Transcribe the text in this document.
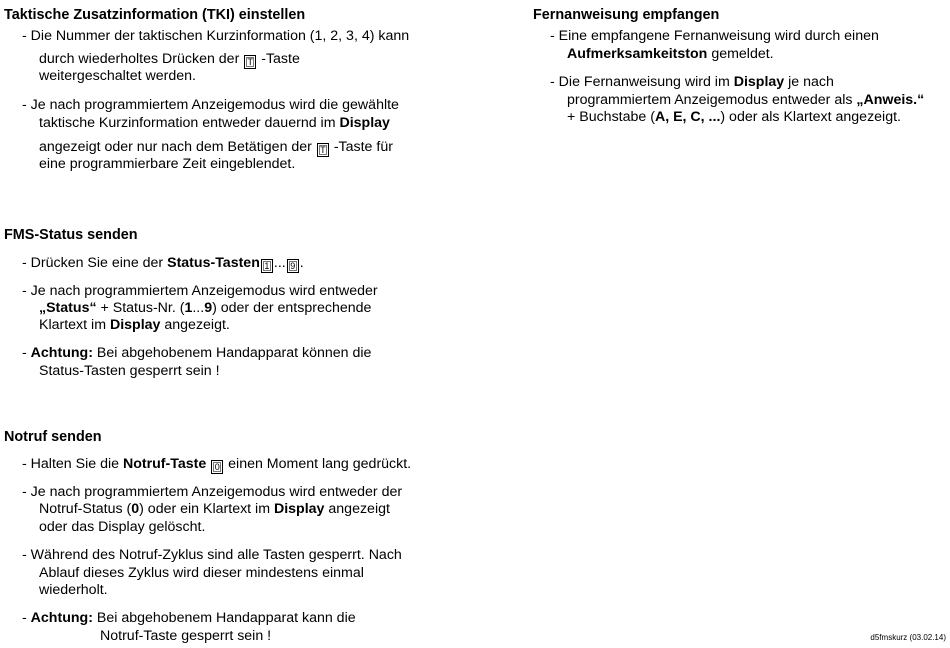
Taktische Zusatzinformation (TKI) einstellen
- Die Nummer der taktischen Kurzinformation (1, 2, 3, 4) kann
durch wiederholtes Drücken der T -Taste
weitergeschaltet werden.
- Je nach programmiertem Anzeigemodus wird die gewählte
taktische Kurzinformation entweder dauernd im Display
angezeigt oder nur nach dem Betätigen der T -Taste für
eine programmierbare Zeit eingeblendet.
FMS-Status senden
- Drücken Sie eine der Status-Tasten 1 ... 9 .
- Je nach programmiertem Anzeigemodus wird entweder
„Status“ + Status-Nr. (1...9) oder der entsprechende
Klartext im Display angezeigt.
- Achtung: Bei abgehobenem Handapparat können die
Status-Tasten gesperrt sein !
Notruf senden
- Halten Sie die Notruf-Taste 0 einen Moment lang gedrückt.
- Je nach programmiertem Anzeigemodus wird entweder der
Notruf-Status (0) oder ein Klartext im Display angezeigt
oder das Display gelöscht.
- Während des Notruf-Zyklus sind alle Tasten gesperrt. Nach
Ablauf dieses Zyklus wird dieser mindestens einmal
wiederholt.
- Achtung: Bei abgehobenem Handapparat kann die
Notruf-Taste gesperrt sein !
Fernanweisung empfangen
- Eine empfangene Fernanweisung wird durch einen
Aufmerksamkeitston gemeldet.
- Die Fernanweisung wird im Display je nach
programmiertem Anzeigemodus entweder als „Anweis.“
+ Buchstabe (A, E, C, ...) oder als Klartext angezeigt.
d5fmskurz (03.02.14)
